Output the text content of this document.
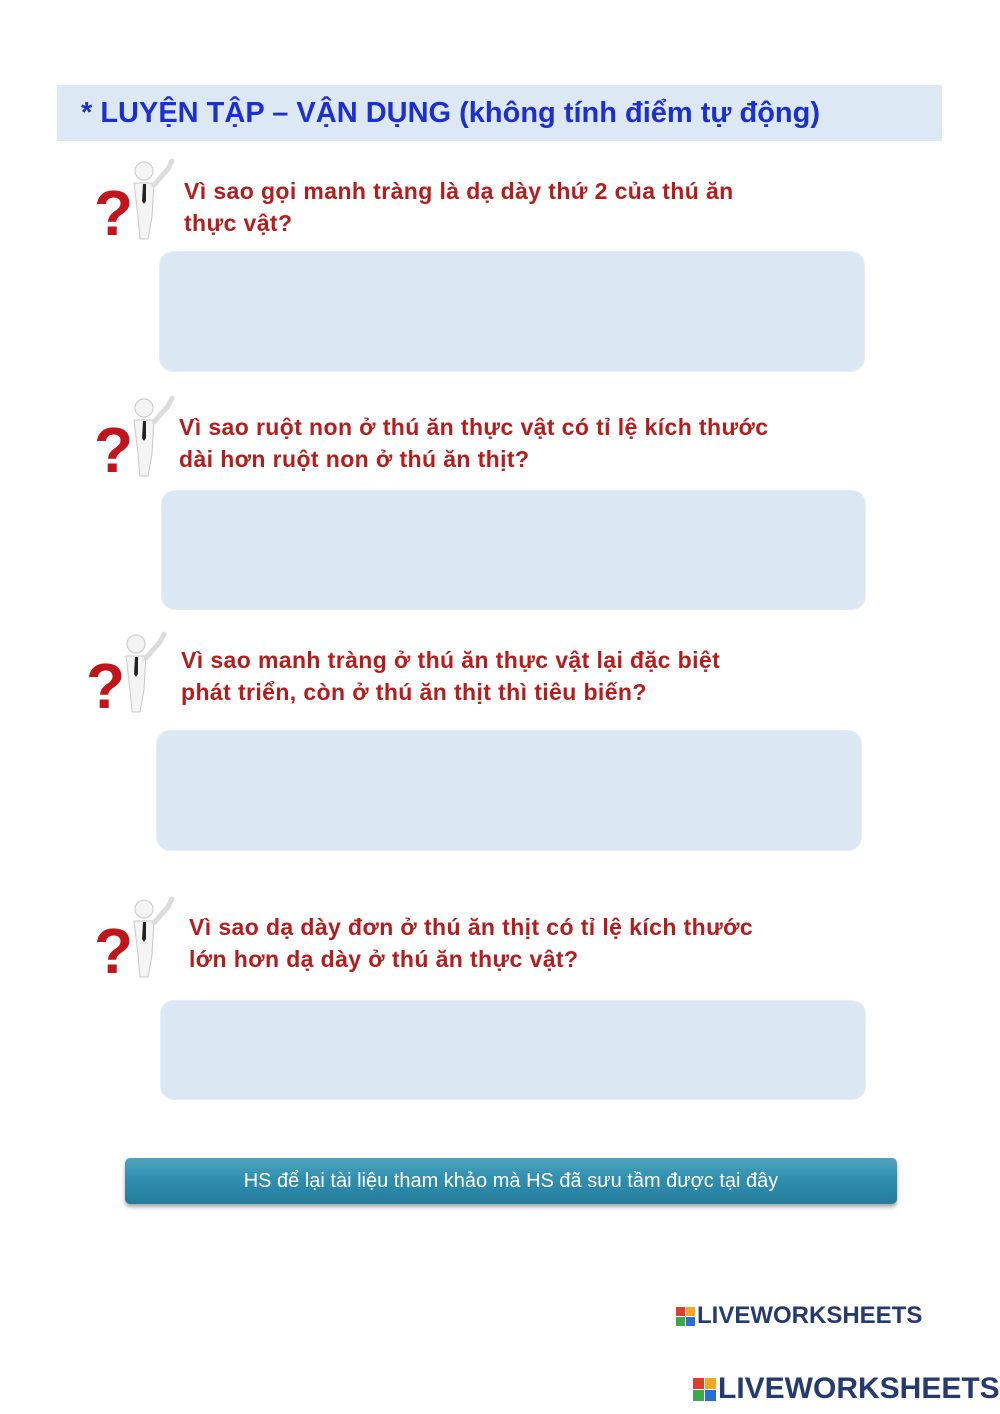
* LUYỆN TẬP – VẬN DỤNG (không tính điểm tự động)
? Vì sao gọi manh tràng là dạ dày thứ 2 của thú ăn
thực vật?
? Vì sao ruột non ở thú ăn thực vật có tỉ lệ kích thước
dài hơn ruột non ở thú ăn thịt?
? Vì sao manh tràng ở thú ăn thực vật lại đặc biệt
phát triển, còn ở thú ăn thịt thì tiêu biến?
? Vì sao dạ dày đơn ở thú ăn thịt có tỉ lệ kích thước
lớn hơn dạ dày ở thú ăn thực vật?
HS để lại tài liệu tham khảo mà HS đã sưu tầm được tại đây
LIVEWORKSHEETS
LIVEWORKSHEETS
